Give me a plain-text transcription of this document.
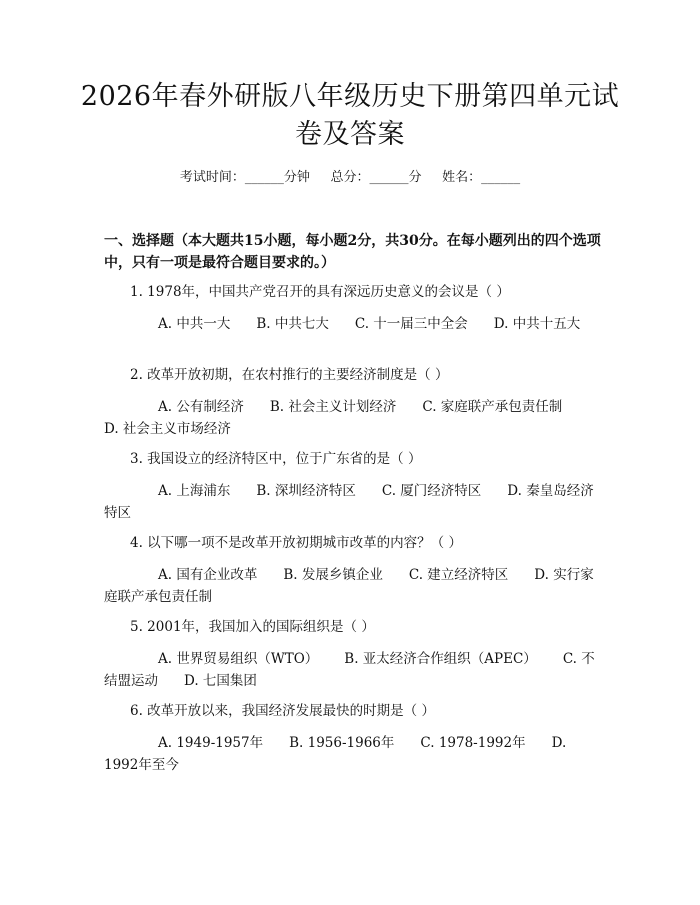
2026年春外研版八年级历史下册第四单元试卷及答案
考试时间：______分钟     总分：______分     姓名：______
一、选择题（本大题共15小题，每小题2分，共30分。在每小题列出的四个选项中，只有一项是最符合题目要求的。）
1. 1978年，中国共产党召开的具有深远历史意义的会议是（ ）
A. 中共一大 B. 中共七大 C. 十一届三中全会 D. 中共十五大
2. 改革开放初期，在农村推行的主要经济制度是（ ）
A. 公有制经济 B. 社会主义计划经济 C. 家庭联产承包责任制D. 社会主义市场经济
3. 我国设立的经济特区中，位于广东省的是（ ）
A. 上海浦东 B. 深圳经济特区 C. 厦门经济特区 D. 秦皇岛经济特区
4. 以下哪一项不是改革开放初期城市改革的内容？（ ）
A. 国有企业改革 B. 发展乡镇企业 C. 建立经济特区 D. 实行家庭联产承包责任制
5. 2001年，我国加入的国际组织是（ ）
A. 世界贸易组织（WTO） B. 亚太经济合作组织（APEC） C. 不结盟运动 D. 七国集团
6. 改革开放以来，我国经济发展最快的时期是（ ）
A. 1949-1957年 B. 1956-1966年 C. 1978-1992年 D. 1992年至今
